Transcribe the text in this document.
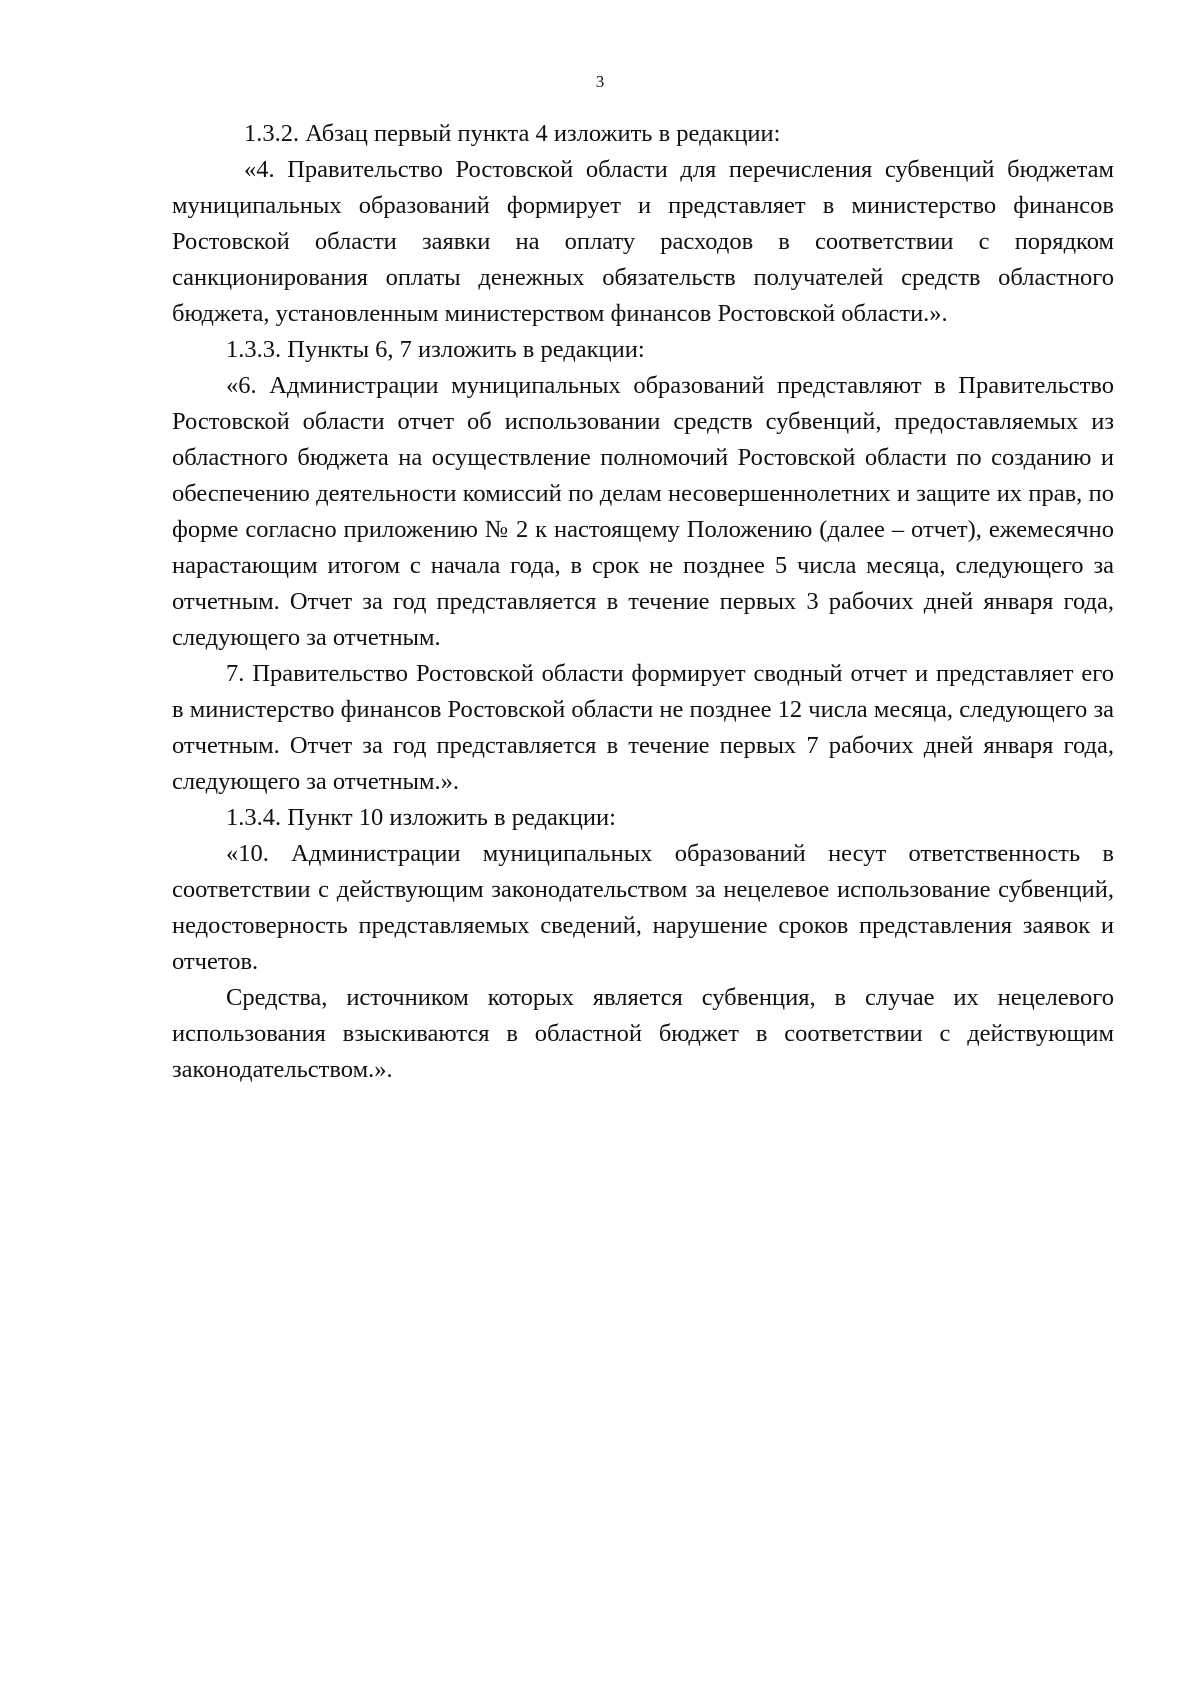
3

1.3.2. Абзац первый пункта 4 изложить в редакции:

«4. Правительство Ростовской области для перечисления субвенций бюджетам муниципальных образований формирует и представляет в министерство финансов Ростовской области заявки на оплату расходов в соответствии с порядком санкционирования оплаты денежных обязательств получателей средств областного бюджета, установленным министерством финансов Ростовской области.».

1.3.3. Пункты 6, 7 изложить в редакции:

«6. Администрации муниципальных образований представляют в Правительство Ростовской области отчет об использовании средств субвенций, предоставляемых из областного бюджета на осуществление полномочий Ростовской области по созданию и обеспечению деятельности комиссий по делам несовершеннолетних и защите их прав, по форме согласно приложению № 2 к настоящему Положению (далее – отчет), ежемесячно нарастающим итогом с начала года, в срок не позднее 5 числа месяца, следующего за отчетным. Отчет за год представляется в течение первых 3 рабочих дней января года, следующего за отчетным.

7. Правительство Ростовской области формирует сводный отчет и представляет его в министерство финансов Ростовской области не позднее 12 числа месяца, следующего за отчетным. Отчет за год представляется в течение первых 7 рабочих дней января года, следующего за отчетным.».

1.3.4. Пункт 10 изложить в редакции:

«10. Администрации муниципальных образований несут ответственность в соответствии с действующим законодательством за нецелевое использование субвенций, недостоверность представляемых сведений, нарушение сроков представления заявок и отчетов.

Средства, источником которых является субвенция, в случае их нецелевого использования взыскиваются в областной бюджет в соответствии с действующим законодательством.».
